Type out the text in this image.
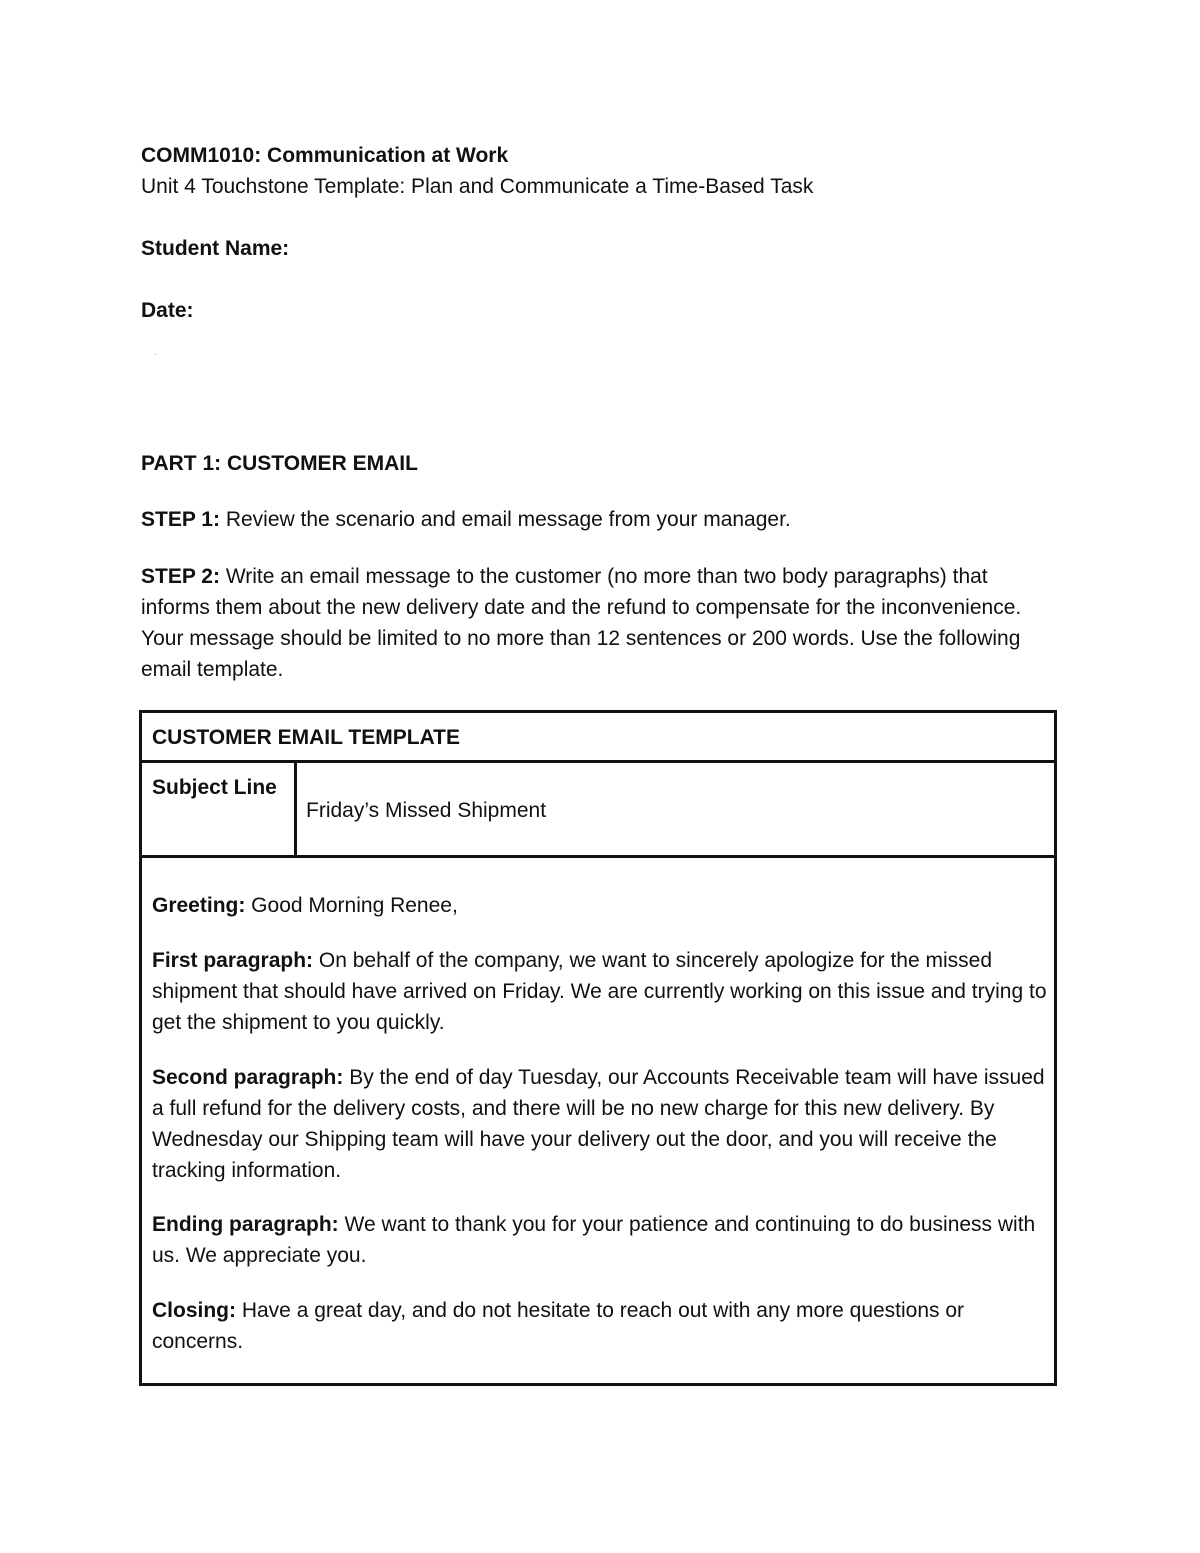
COMM1010: Communication at Work
Unit 4 Touchstone Template: Plan and Communicate a Time-Based Task
Student Name:
Date:
.
PART 1: CUSTOMER EMAIL
STEP 1: Review the scenario and email message from your manager.
STEP 2: Write an email message to the customer (no more than two body paragraphs) that informs them about the new delivery date and the refund to compensate for the inconvenience. Your message should be limited to no more than 12 sentences or 200 words. Use the following email template.
CUSTOMER EMAIL TEMPLATE
Subject Line
Friday’s Missed Shipment
Greeting: Good Morning Renee,
First paragraph: On behalf of the company, we want to sincerely apologize for the missed shipment that should have arrived on Friday. We are currently working on this issue and trying to get the shipment to you quickly.
Second paragraph: By the end of day Tuesday, our Accounts Receivable team will have issued a full refund for the delivery costs, and there will be no new charge for this new delivery. By Wednesday our Shipping team will have your delivery out the door, and you will receive the tracking information.
Ending paragraph: We want to thank you for your patience and continuing to do business with us. We appreciate you.
Closing: Have a great day, and do not hesitate to reach out with any more questions or concerns.
